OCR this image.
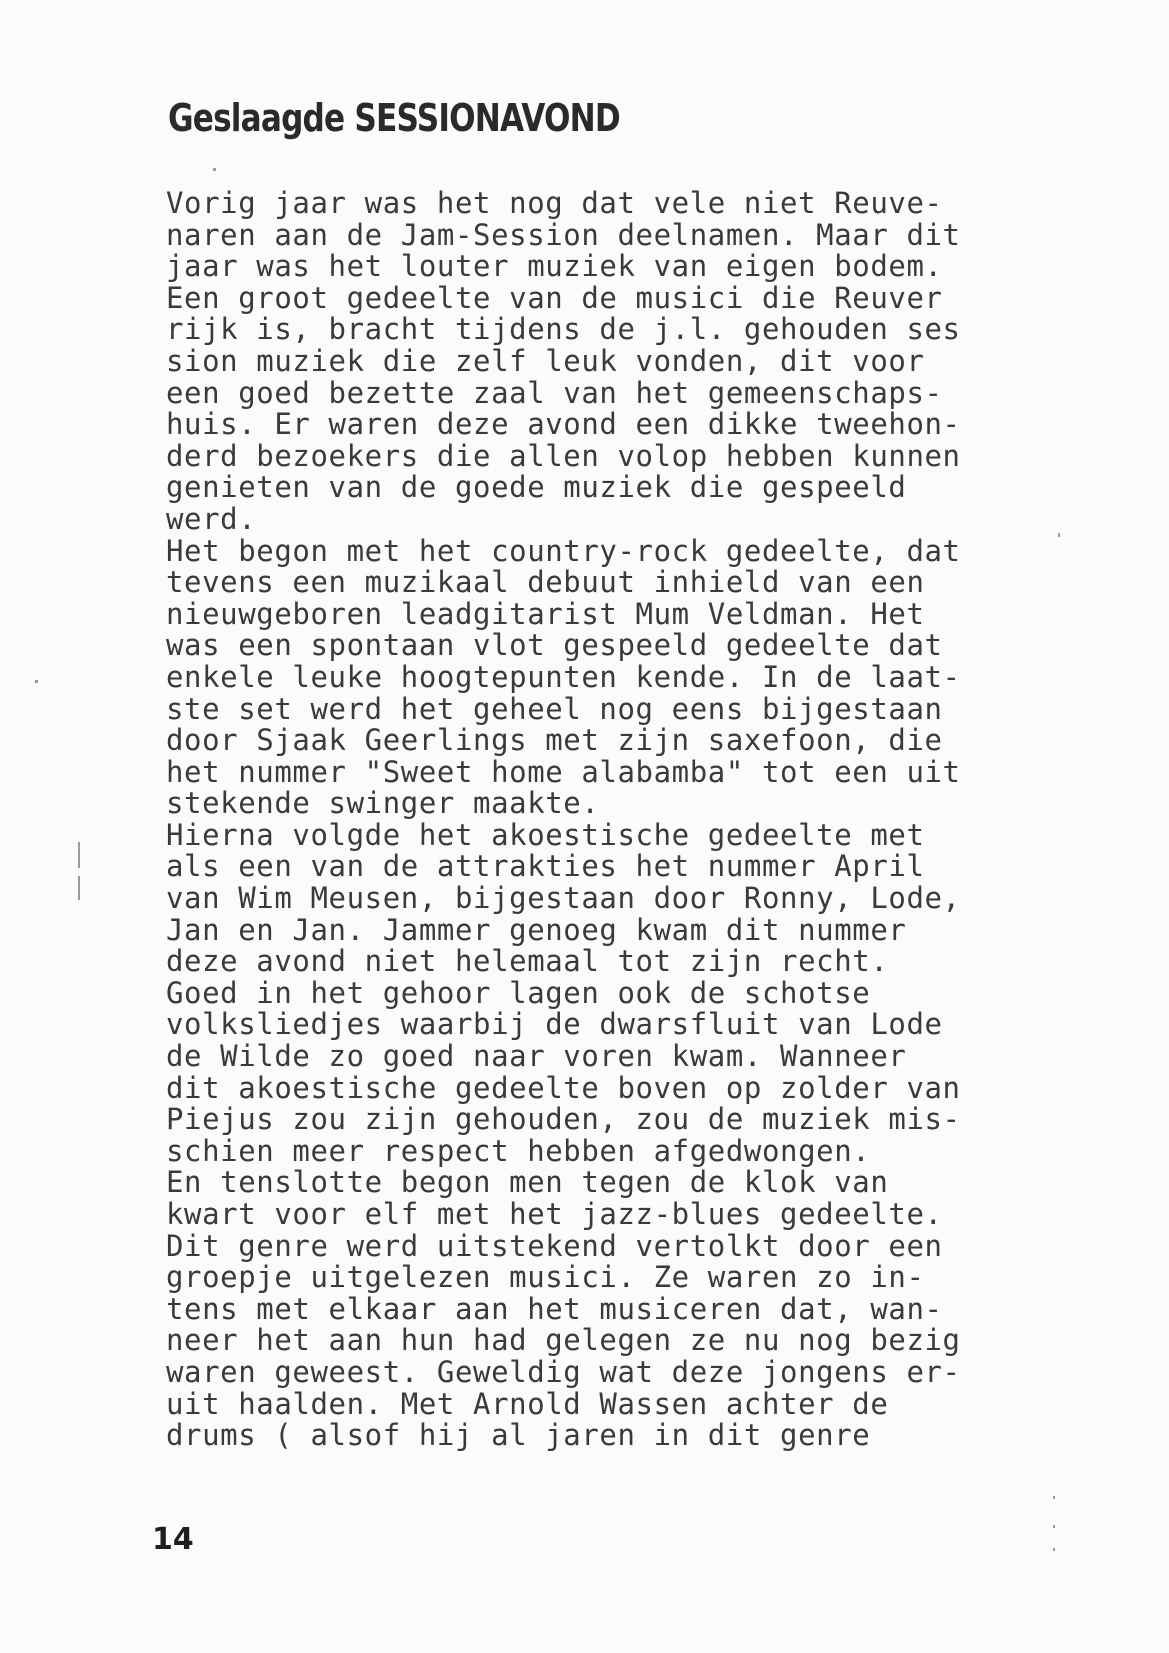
Geslaagde SESSIONAVOND
Vorig jaar was het nog dat vele niet Reuve-
naren aan de Jam-Session deelnamen. Maar dit
jaar was het louter muziek van eigen bodem.
Een groot gedeelte van de musici die Reuver
rijk is, bracht tijdens de j.l. gehouden ses
sion muziek die zelf leuk vonden, dit voor
een goed bezette zaal van het gemeenschaps-
huis. Er waren deze avond een dikke tweehon-
derd bezoekers die allen volop hebben kunnen
genieten van de goede muziek die gespeeld
werd.
Het begon met het country-rock gedeelte, dat
tevens een muzikaal debuut inhield van een
nieuwgeboren leadgitarist Mum Veldman. Het
was een spontaan vlot gespeeld gedeelte dat
enkele leuke hoogtepunten kende. In de laat-
ste set werd het geheel nog eens bijgestaan
door Sjaak Geerlings met zijn saxefoon, die
het nummer "Sweet home alabamba" tot een uit
stekende swinger maakte.
Hierna volgde het akoestische gedeelte met
als een van de attrakties het nummer April
van Wim Meusen, bijgestaan door Ronny, Lode,
Jan en Jan. Jammer genoeg kwam dit nummer
deze avond niet helemaal tot zijn recht.
Goed in het gehoor lagen ook de schotse
volksliedjes waarbij de dwarsfluit van Lode
de Wilde zo goed naar voren kwam. Wanneer
dit akoestische gedeelte boven op zolder van
Piejus zou zijn gehouden, zou de muziek mis-
schien meer respect hebben afgedwongen.
En tenslotte begon men tegen de klok van
kwart voor elf met het jazz-blues gedeelte.
Dit genre werd uitstekend vertolkt door een
groepje uitgelezen musici. Ze waren zo in-
tens met elkaar aan het musiceren dat, wan-
neer het aan hun had gelegen ze nu nog bezig
waren geweest. Geweldig wat deze jongens er-
uit haalden. Met Arnold Wassen achter de
drums ( alsof hij al jaren in dit genre
14
